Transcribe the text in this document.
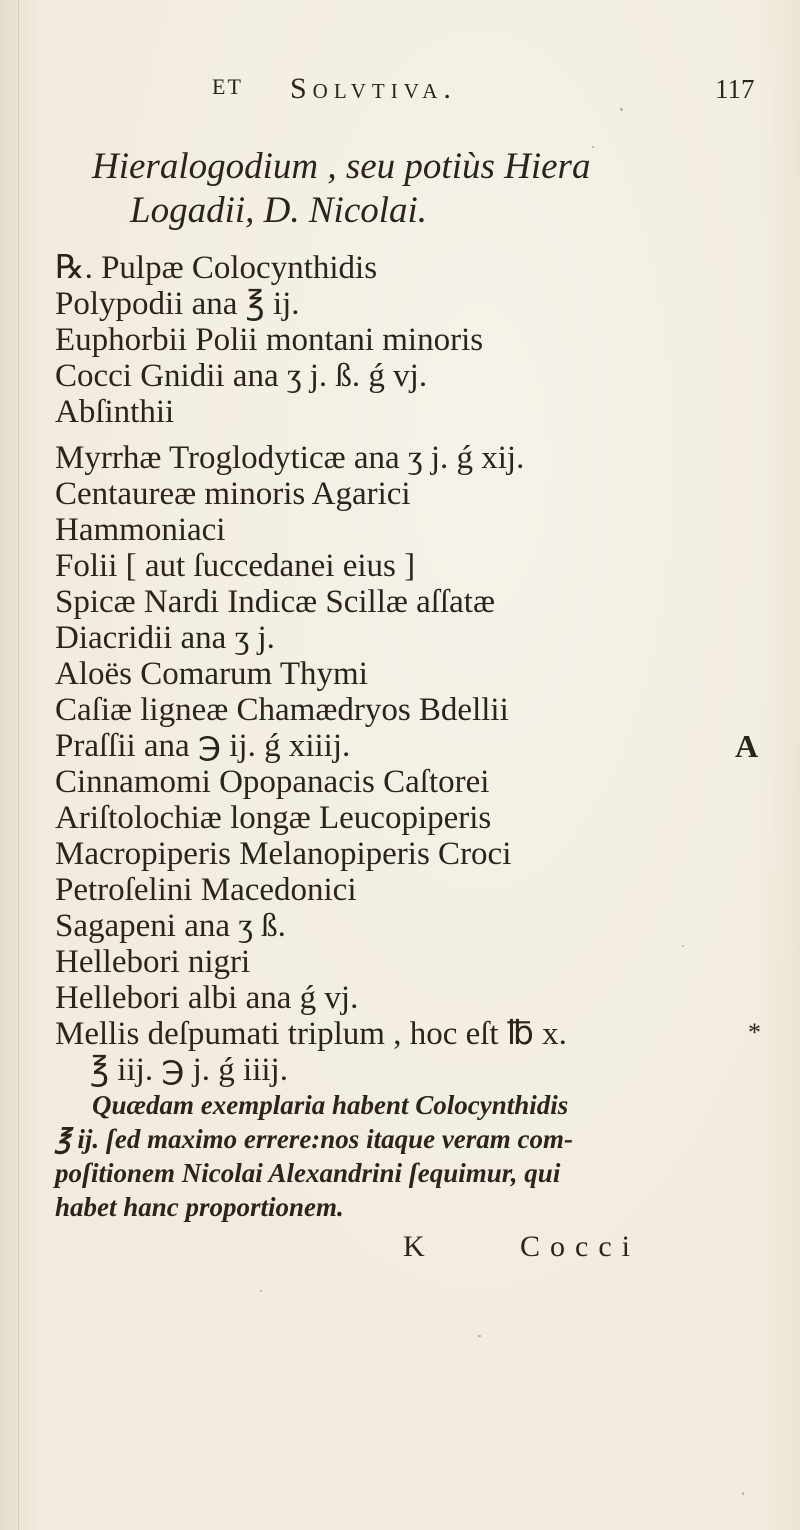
ET Solvtiva.	117
Hieralogodium , seu potiùs Hiera
Logadii, D. Nicolai.
℞. Pulpæ Colocynthidis
Polypodii ana ℥ ij.
Euphorbii Polii montani minoris
Cocci Gnidii ana ʒ j. ß. ǵ vj.
Abſinthii
Myrrhæ Troglodyticæ ana ʒ j. ǵ xij.
Centaureæ minoris Agarici
Hammoniaci
Folii [ aut ſuccedanei eius ]
Spicæ Nardi Indicæ Scillæ aſſatæ
Diacridii ana ʒ j.
Aloës Comarum Thymi
Caſiæ ligneæ Chamædryos Bdellii
Praſſii ana ℈ ij. ǵ xiiij.
Cinnamomi Opopanacis Caſtorei
Ariſtolochiæ longæ Leucopiperis
Macropiperis Melanopiperis Croci
Petroſelini Macedonici
Sagapeni ana ʒ ß.
Hellebori nigri
Hellebori albi ana ǵ vj.
Mellis deſpumati triplum , hoc eſt ℔ x.
℥ iij. ℈ j. ǵ iiij.
Quædam exemplaria habent Colocynthidis
℥ ij. ſed maximo errere:nos itaque veram com-
poſitionem Nicolai Alexandrini ſequimur, qui
habet hanc proportionem.
K	Cocci
A
*
